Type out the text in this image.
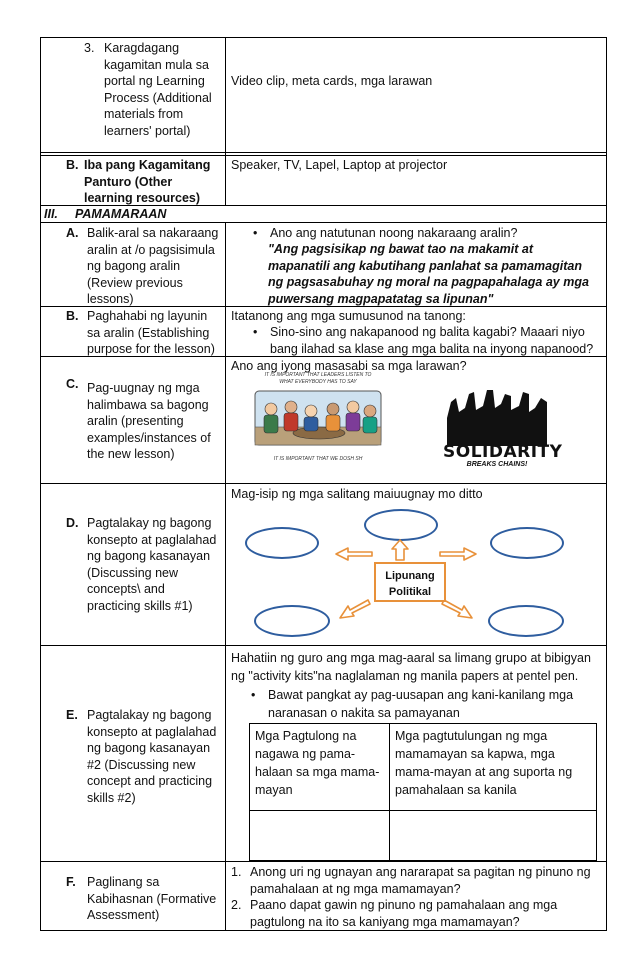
3. Karagdagang
kagamitan mula sa
portal ng Learning
Process (Additional
materials from
learners' portal)
Video clip, meta cards, mga larawan
B. Iba pang Kagamitang
Panturo (Other
learning resources)
Speaker, TV, Lapel, Laptop at projector
III. PAMAMARAAN
A. Balik-aral sa nakaraang
aralin at /o pagsisimula
ng bagong aralin
(Review previous
lessons)
• Ano ang natutunan noong nakaraang aralin?
"Ang pagsisikap ng bawat tao na makamit at
mapanatili ang kabutihang panlahat sa pamamagitan
ng pagsasabuhay ng moral na pagpapahalaga ay mga
puwersang magpapatatag sa lipunan"
B. Paghahabi ng layunin
sa aralin (Establishing
purpose for the lesson)
Itatanong ang mga sumusunod na tanong:
• Sino-sino ang nakapanood ng balita kagabi? Maaari niyo
bang ilahad sa klase ang mga balita na inyong napanood?
C. Pag-uugnay ng mga
halimbawa sa bagong
aralin (presenting
examples/instances of
the new lesson)
Ano ang iyong masasabi sa mga larawan?
IT IS IMPORTANT THAT LEADERS LISTEN TO WHAT EVERYBODY HAS TO SAY
IT IS IMPORTANT THAT WE DOSH SH	SOLIDARITY
BREAKS CHAINS!
D. Pagtalakay ng bagong
konsepto at paglalahad
ng bagong kasanayan
(Discussing new
concepts\ and
practicing skills #1)
Mag-isip ng mga salitang maiuugnay mo ditto
Lipunang
Politikal
E. Pagtalakay ng bagong
konsepto at paglalahad
ng bagong kasanayan
#2 (Discussing new
concept and practicing
skills #2)
Hahatiin ng guro ang mga mag-aaral sa limang grupo at bibigyan
ng "activity kits"na naglalaman ng manila papers at pentel pen.
• Bawat pangkat ay pag-uusapan ang kani-kanilang mga
naranasan o nakita sa pamayanan
Mga Pagtulong na
nagawa ng pama-
halaan sa mga mama-
mayan
Mga pagtutulungan ng mga
mamamayan sa kapwa, mga
mama-mayan at ang suporta ng
pamahalaan sa kanila
F. Paglinang sa
Kabihasnan (Formative
Assessment)
1. Anong uri ng ugnayan ang nararapat sa pagitan ng pinuno ng
pamahalaan at ng mga mamamayan?
2. Paano dapat gawin ng pinuno ng pamahalaan ang mga
pagtulong na ito sa kaniyang mga mamamayan?
